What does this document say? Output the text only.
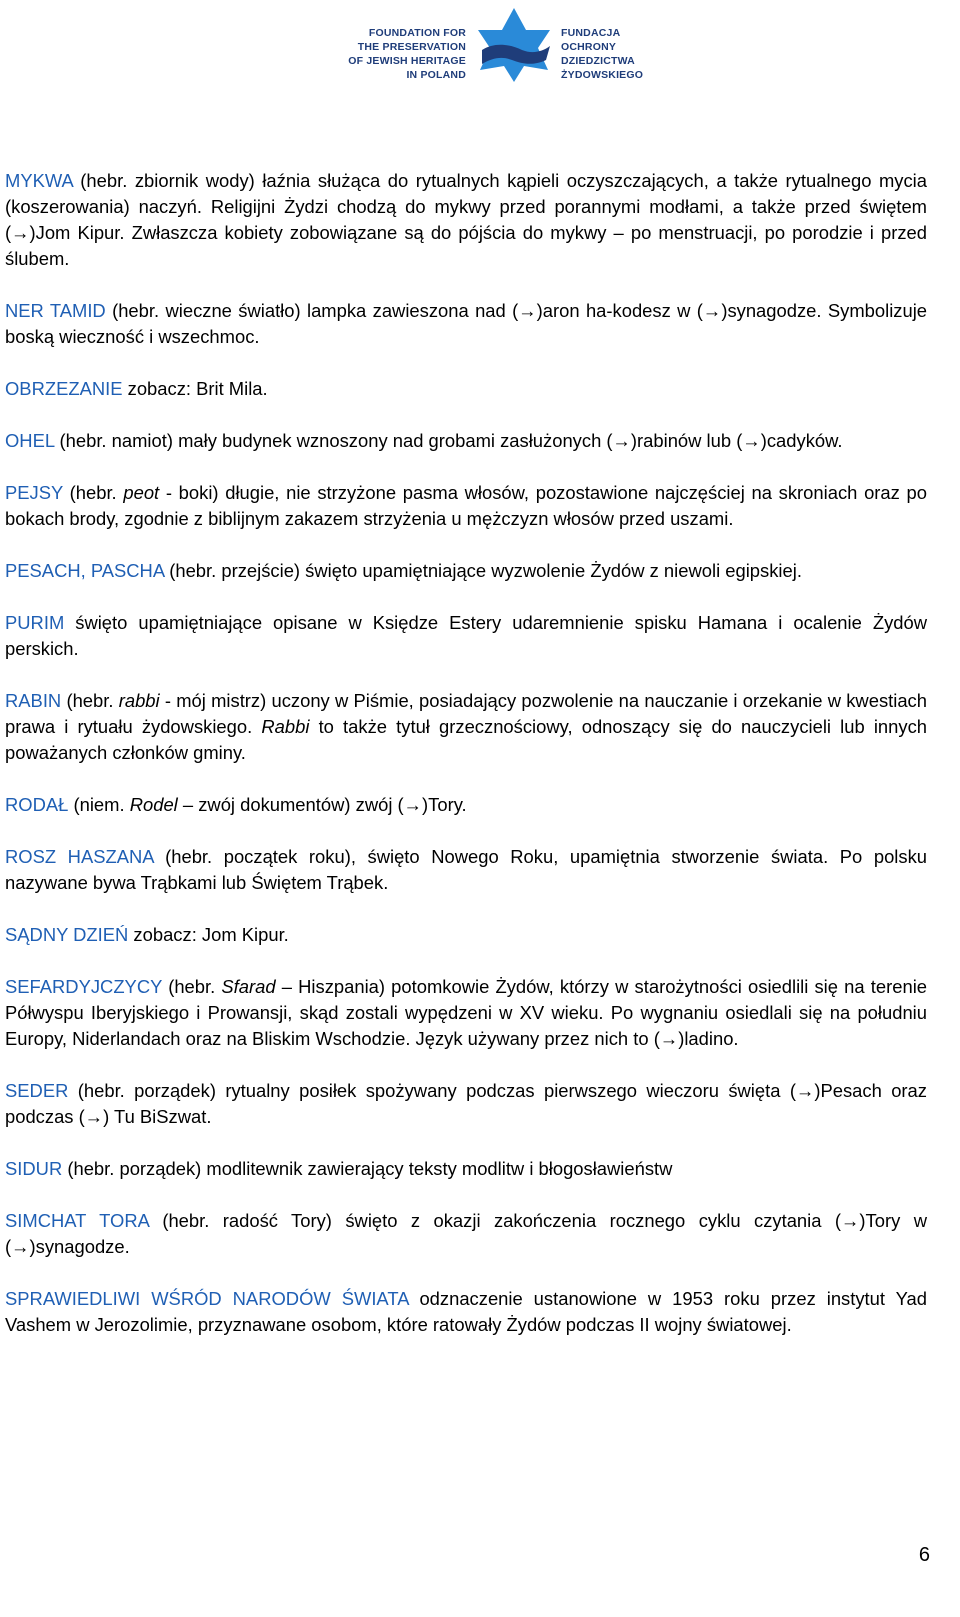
FOUNDATION FOR
THE PRESERVATION
OF JEWISH HERITAGE
IN POLAND
FUNDACJA
OCHRONY
DZIEDZICTWA
ŻYDOWSKIEGO

MYKWA (hebr. zbiornik wody) łaźnia służąca do rytualnych kąpieli oczyszczających, a także rytualnego mycia (koszerowania) naczyń. Religijni Żydzi chodzą do mykwy przed porannymi modłami, a także przed świętem (→)Jom Kipur. Zwłaszcza kobiety zobowiązane są do pójścia do mykwy – po menstruacji, po porodzie i przed ślubem.

NER TAMID (hebr. wieczne światło) lampka zawieszona nad (→)aron ha-kodesz w (→)synagodze. Symbolizuje boską wieczność i wszechmoc.

OBRZEZANIE zobacz: Brit Mila.

OHEL (hebr. namiot) mały budynek wznoszony nad grobami zasłużonych (→)rabinów lub (→)cadyków.

PEJSY (hebr. peot - boki) długie, nie strzyżone pasma włosów, pozostawione najczęściej na skroniach oraz po bokach brody, zgodnie z biblijnym zakazem strzyżenia u mężczyzn włosów przed uszami.

PESACH, PASCHA (hebr. przejście) święto upamiętniające wyzwolenie Żydów z niewoli egipskiej.

PURIM święto upamiętniające opisane w Księdze Estery udaremnienie spisku Hamana i ocalenie Żydów perskich.

RABIN (hebr. rabbi - mój mistrz) uczony w Piśmie, posiadający pozwolenie na nauczanie i orzekanie w kwestiach prawa i rytuału żydowskiego. Rabbi to także tytuł grzecznościowy, odnoszący się do nauczycieli lub innych poważanych członków gminy.

RODAŁ (niem. Rodel – zwój dokumentów) zwój (→)Tory.

ROSZ HASZANA (hebr. początek roku), święto Nowego Roku, upamiętnia stworzenie świata. Po polsku nazywane bywa Trąbkami lub Świętem Trąbek.

SĄDNY DZIEŃ zobacz: Jom Kipur.

SEFARDYJCZYCY (hebr. Sfarad – Hiszpania) potomkowie Żydów, którzy w starożytności osiedlili się na terenie Półwyspu Iberyjskiego i Prowansji, skąd zostali wypędzeni w XV wieku. Po wygnaniu osiedlali się na południu Europy, Niderlandach oraz na Bliskim Wschodzie. Język używany przez nich to (→)ladino.

SEDER (hebr. porządek) rytualny posiłek spożywany podczas pierwszego wieczoru święta (→)Pesach oraz podczas (→) Tu BiSzwat.

SIDUR (hebr. porządek) modlitewnik zawierający teksty modlitw i błogosławieństw

SIMCHAT TORA (hebr. radość Tory) święto z okazji zakończenia rocznego cyklu czytania (→)Tory w (→)synagodze.

SPRAWIEDLIWI WŚRÓD NARODÓW ŚWIATA odznaczenie ustanowione w 1953 roku przez instytut Yad Vashem w Jerozolimie, przyznawane osobom, które ratowały Żydów podczas II wojny światowej.

6
